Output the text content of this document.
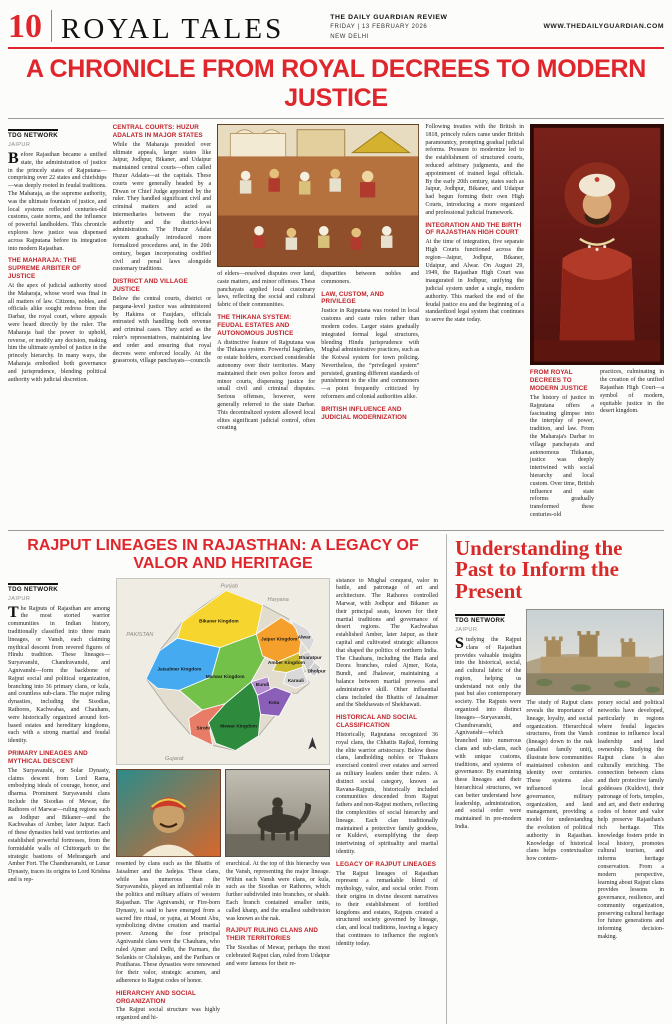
10 ROYAL TALES	THE DAILY GUARDIAN REVIEW
FRIDAY | 13 FEBRUARY 2026
NEW DELHI
WWW.THEDAILYGUARDIAN.COM
A CHRONICLE FROM ROYAL DECREES TO MODERN JUSTICE
TDG NETWORK
JAIPUR

Before Rajasthan became a unified state, the administration of justice in the princely states of Rajputana—comprising over 22 states and chiefships—was deeply rooted in feudal traditions. The Maharaja, as the supreme authority, was the ultimate fountain of justice, and local systems reflected centuries-old customs, caste norms, and the influence of powerful landholders. This chronicle explores how justice was dispensed across Rajputana before its integration into modern Rajasthan.

THE MAHARAJA: THE SUPREME ARBITER OF JUSTICE

At the apex of judicial authority stood the Maharaja, whose word was final in all matters of law. Citizens, nobles, and officials alike sought redress from the Darbar, the royal court, where appeals were heard directly by the ruler. The Maharaja had the power to uphold, reverse, or modify any decision, making him the ultimate symbol of justice in the princely hierarchy. In many ways, the Maharaja embodied both governance and jurisprudence, blending political authority with judicial discretion.

CENTRAL COURTS: HUZUR ADALATS IN MAJOR STATES

While the Maharaja presided over ultimate appeals, larger states like Jaipur, Jodhpur, Bikaner, and Udaipur maintained central courts—often called Huzur Adalats—at the capitals. These courts were generally headed by a Diwan or Chief Judge appointed by the ruler. They handled significant civil and criminal matters and acted as intermediaries between the royal authority and the district-level administration. The Huzur Adalat system gradually introduced more formalized procedures and, in the 20th century, began incorporating codified civil and penal laws alongside customary traditions.

DISTRICT AND VILLAGE JUSTICE

Below the central courts, district or pargana-level justice was administered by Hakims or Faujdars, officials entrusted with handling both revenue and criminal cases. They acted as the ruler's representatives, maintaining law and order and ensuring that royal decrees were enforced locally. At the grassroots, village panchayats—councils

of elders—resolved disputes over land, caste matters, and minor offenses. These panchayats applied local customary laws, reflecting the social and cultural fabric of their communities.

THE THIKANA SYSTEM: FEUDAL ESTATES AND AUTONOMOUS JUSTICE

A distinctive feature of Rajputana was the Thikana system. Powerful Jagirdars, or estate holders, exercised considerable autonomy over their territories. Many maintained their own police forces and minor courts, dispensing justice for small civil and criminal disputes. Serious offenses, however, were generally referred to the state Darbar. This decentralized system allowed local elites significant judicial control, often creating

disparities between nobles and commoners.

LAW, CUSTOM, AND PRIVILEGE

Justice in Rajputana was rooted in local customs and caste rules rather than modern codes. Larger states gradually integrated formal legal structures, blending Hindu jurisprudence with Mughal administrative practices, such as the Kotwal system for town policing. Nevertheless, the “privileged system” persisted, granting different standards of punishment to the elite and commoners—a point frequently criticized by reformers and colonial authorities alike.

BRITISH INFLUENCE AND JUDICIAL MODERNIZATION

Following treaties with the British in 1818, princely rulers came under British paramountcy, prompting gradual judicial reforms. Pressure to modernize led to the establishment of structured courts, reduced arbitrary judgments, and the appointment of trained legal officials. By the early 20th century, states such as Jaipur, Jodhpur, Bikaner, and Udaipur had begun forming their own High Courts, introducing a more organized and professional judicial framework.

INTEGRATION AND THE BIRTH OF RAJASTHAN HIGH COURT

At the time of integration, five separate High Courts functioned across the region—Jaipur, Jodhpur, Bikaner, Udaipur, and Alwar. On August 29, 1949, the Rajasthan High Court was inaugurated in Jodhpur, unifying the judicial system under a single, modern authority. This marked the end of the feudal justice era and the beginning of a standardized legal system that continues to serve the state today.

FROM ROYAL DECREES TO MODERN JUSTICE

The history of justice in Rajputana offers a fascinating glimpse into the interplay of power, tradition, and law. From the Maharaja's Darbar to village panchayats and autonomous Thikanas, justice was deeply intertwined with social hierarchy and local custom. Over time, British influence and state reforms gradually transformed these centuries-old

practices, culminating in the creation of the unified Rajasthan High Court—a symbol of modern, equitable justice in the desert kingdom.

RAJPUT LINEAGES IN RAJASTHAN: A LEGACY OF VALOR AND HERITAGE
TDG NETWORK
JAIPUR

The Rajputs of Rajasthan are among the most storied warrior communities in Indian history, traditionally classified into three main lineages, or Vansh, each claiming mythical descent from revered figures of Hindu tradition. These lineages—Suryavanshi, Chandravanshi, and Agnivanshi—form the backbone of Rajput social and political organization, branching into 36 primary clans, or kula, and countless sub-clans. The major ruling dynasties, including the Sisodias, Rathores, Kachwahas, and Chauhans, were historically organized around fort-based estates and hereditary kingdoms, each with a strong martial and feudal identity.

PRIMARY LINEAGES AND MYTHICAL DESCENT

The Suryavanshi, or Solar Dynasty, claims descent from Lord Rama, embodying ideals of courage, honor, and dharma. Prominent Suryavanshi clans include the Sisodias of Mewar, the Rathores of Marwar—ruling regions such as Jodhpur and Bikaner—and the Kachwahas of Amber, later Jaipur. Each of these dynasties held vast territories and established powerful fortresses, from the formidable walls of Chittorgarh to the strategic bastions of Mehrangarh and Amber Fort. The Chandravanshi, or Lunar Dynasty, traces its origins to Lord Krishna and is rep-

PAKISTAN
Punjab
Haryana
Gujarat
Bikaner Kingdom
Jaisalmer Kingdom
Marwar Kingdom
Jaipur Kingdom
Amber Kingdom
Alwar
Bharatpur
Karauli
Dholpur
Bundi
Kota
Mewar Kingdom
Sirohi

resented by clans such as the Bhattis of Jaisalmer and the Jadejas. These clans, while less numerous than the Suryavanshis, played an influential role in the politics and military affairs of western Rajasthan. The Agnivanshi, or Fire-born Dynasty, is said to have emerged from a sacred fire ritual, or yajna, at Mount Abu, symbolizing divine creation and martial power. Among the four principal Agnivanshi clans were the Chauhans, who ruled Ajmer and Delhi, the Parmars, the Solankis or Chalukyas, and the Parihars or Pratiharas. These dynasties were renowned for their valor, strategic acumen, and adherence to Rajput codes of honor.

HIERARCHY AND SOCIAL ORGANIZATION

The Rajput social structure was highly organized and hi-

erarchical. At the top of this hierarchy was the Vansh, representing the major lineage. Within each Vansh were clans, or kula, such as the Sisodias or Rathores, which further subdivided into branches, or shakh. Each branch contained smaller units, called khanp, and the smallest subdivision was known as the nak.

RAJPUT RULING CLANS AND THEIR TERRITORIES

The Sisodias of Mewar, perhaps the most celebrated Rajput clan, ruled from Udaipur and were famous for their re-

sistance to Mughal conquest, valor in battle, and patronage of art and architecture. The Rathores controlled Marwar, with Jodhpur and Bikaner as their principal seats, known for their martial traditions and governance of desert regions. The Kachwahas established Amber, later Jaipur, as their capital and cultivated strategic alliances that shaped the politics of northern India. The Chauhans, including the Hada and Deora branches, ruled Ajmer, Kota, Bundi, and Jhalawar, maintaining a balance between martial prowess and administrative skill. Other influential clans included the Bhattis of Jaisalmer and the Shekhawats of Shekhawati.

HISTORICAL AND SOCIAL CLASSIFICATION

Historically, Rajputana recognized 36 royal clans, the Chhattis Rajkul, forming the elite warrior aristocracy. Below these clans, landholding nobles or Thakurs exercised control over estates and served as military leaders under their rulers. A distinct social category, known as Ravana-Rajputs, historically included communities descended from Rajput fathers and non-Rajput mothers, reflecting the complexities of social hierarchy and lineage. Each clan traditionally maintained a protective family goddess, or Kuldevi, exemplifying the deep intertwining of spirituality and martial identity.

LEGACY OF RAJPUT LINEAGES

The Rajput lineages of Rajasthan represent a remarkable blend of mythology, valor, and social order. From their origins in divine descent narratives to their establishment of fortified kingdoms and estates, Rajputs created a structured society governed by lineage, clan, and local traditions, leaving a legacy that continues to influence the region's identity today.

Understanding the Past to Inform the Present
TDG NETWORK
JAIPUR

Studying the Rajput clans of Rajasthan provides valuable insights into the historical, social, and cultural fabric of the region, helping us understand not only the past but also contemporary society. The Rajputs were organized into distinct lineages—Suryavanshi, Chandravanshi, and Agnivanshi—which branched into numerous clans and sub-clans, each with unique customs, traditions, and systems of governance. By examining these lineages and their hierarchical structures, we can better understand how leadership, administration, and social order were maintained in pre-modern India.

The study of Rajput clans reveals the importance of lineage, loyalty, and social organization. Hierarchical structures, from the Vansh (lineage) down to the nak (smallest family unit), illustrate how communities maintained cohesion and identity over centuries. These systems also influenced local governance, military organization, and land management, providing a model for understanding the evolution of political authority in Rajasthan. Knowledge of historical clans helps contextualize how contem-

porary social and political networks have developed, particularly in regions where feudal legacies continue to influence local leadership and land ownership. Studying the Rajput clans is also culturally enriching. The connection between clans and their protective family goddesses (Kuldevi), their patronage of forts, temples, and art, and their enduring codes of honor and valor help preserve Rajasthan's rich heritage. This knowledge fosters pride in local history, promotes cultural tourism, and informs heritage conservation. From a modern perspective, learning about Rajput clans provides lessons in governance, resilience, and community organization, preserving cultural heritage for future generations and informing decision-making.
